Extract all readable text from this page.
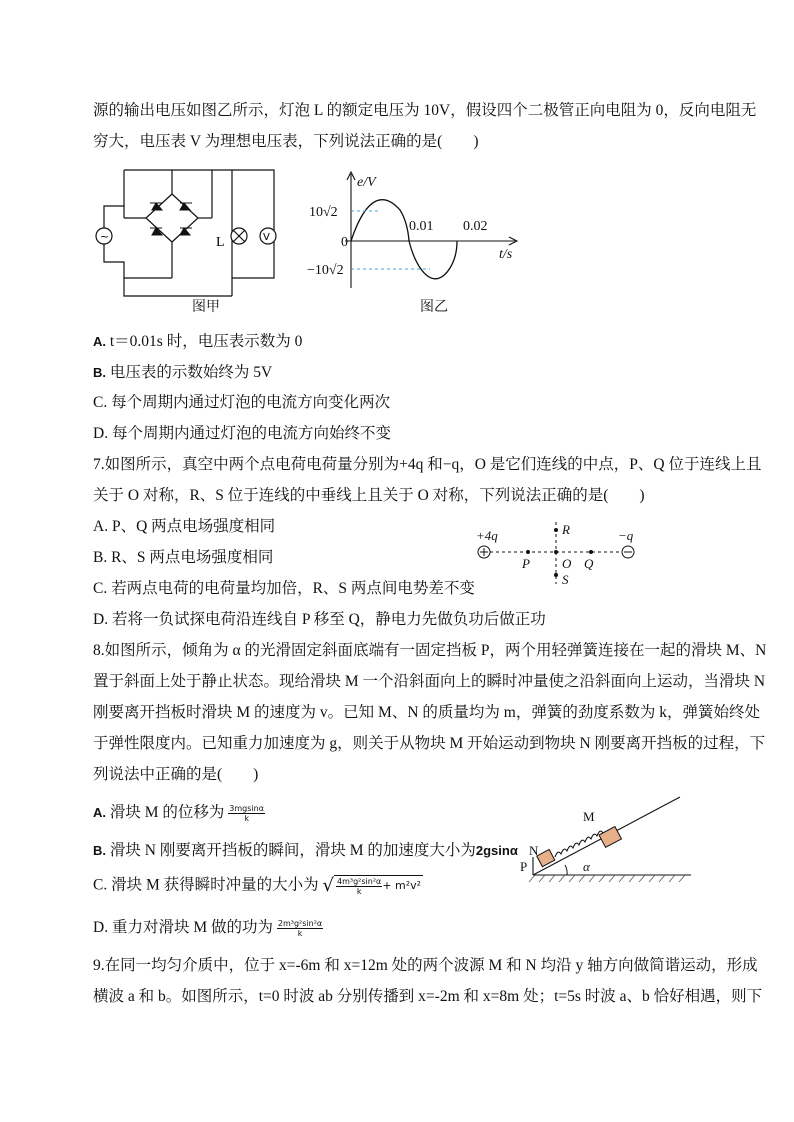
源的输出电压如图乙所示，灯泡 L 的额定电压为 10V，假设四个二极管正向电阻为 0，反向电阻无
穷大，电压表 V 为理想电压表，下列说法正确的是(　　)
~	L	V
图甲
e/V
10√2
0
−10√2
0.01 0.02
t/s
图乙
A. t＝0.01s 时，电压表示数为 0
B. 电压表的示数始终为 5V
C. 每个周期内通过灯泡的电流方向变化两次
D. 每个周期内通过灯泡的电流方向始终不变
7.如图所示，真空中两个点电荷电荷量分别为+4q 和−q，O 是它们连线的中点，P、Q 位于连线上且
关于 O 对称，R、S 位于连线的中垂线上且关于 O 对称，下列说法正确的是(　　)
A. P、Q 两点电场强度相同
B. R、S 两点电场强度相同
C. 若两点电荷的电荷量均加倍，R、S 两点间电势差不变
D. 若将一负试探电荷沿连线自 P 移至 Q，静电力先做负功后做正功
+4q	−q
P O Q
R
S
8.如图所示，倾角为 α 的光滑固定斜面底端有一固定挡板 P，两个用轻弹簧连接在一起的滑块 M、N
置于斜面上处于静止状态。现给滑块 M 一个沿斜面向上的瞬时冲量使之沿斜面向上运动，当滑块 N
刚要离开挡板时滑块 M 的速度为 v。已知 M、N 的质量均为 m，弹簧的劲度系数为 k，弹簧始终处
于弹性限度内。已知重力加速度为 g，则关于从物块 M 开始运动到物块 N 刚要离开挡板的过程，下
列说法中正确的是(　　)
A. 滑块 M 的位移为 $\frac{3mgsin\alpha}{k}$
B. 滑块 N 刚要离开挡板的瞬间，滑块 M 的加速度大小为2gsinα
C. 滑块 M 获得瞬时冲量的大小为 √ $\frac{\text{4m³g²sin²α}}{k} + m^2v^2$
D. 重力对滑块 M 做的功为 $\frac{\text{2m³g²sin²α}}{k}$
M
N
P	α
9.在同一均匀介质中，位于 x=-6m 和 x=12m 处的两个波源 M 和 N 均沿 y 轴方向做简谐运动，形成
横波 a 和 b。如图所示，t=0 时波 ab 分别传播到 x=-2m 和 x=8m 处；t=5s 时波 a、b 恰好相遇，则下
